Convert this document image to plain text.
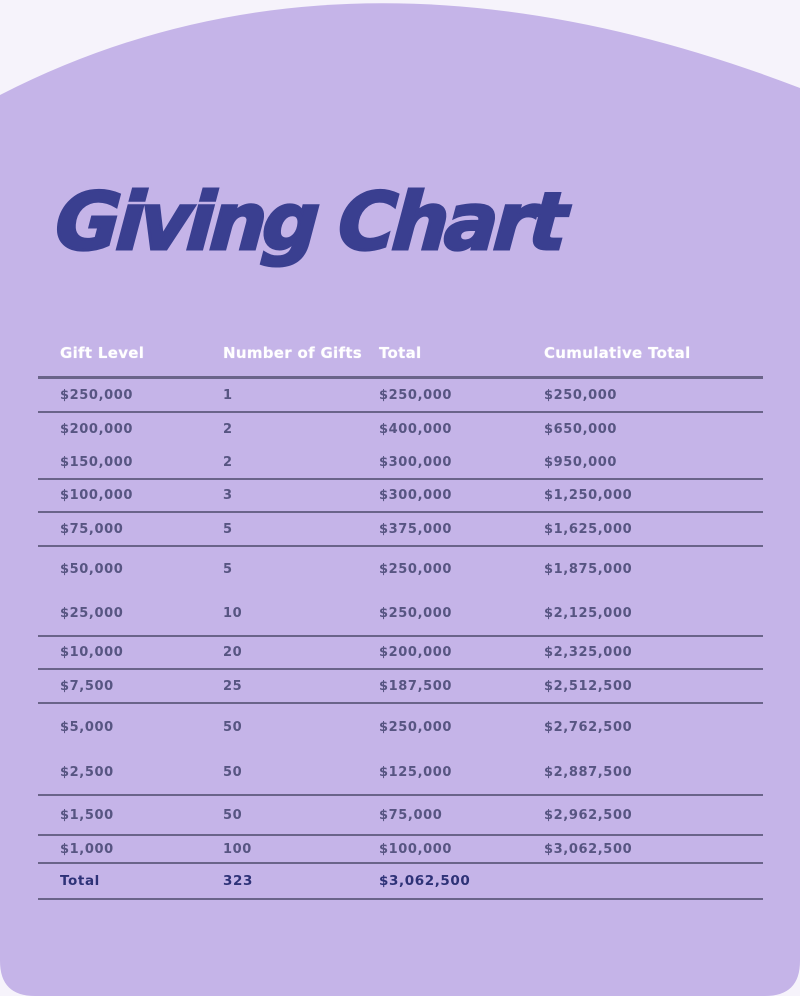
Giving Chart
Gift Level	Number of Gifts	Total	Cumulative Total
$250,000	1	$250,000	$250,000
$200,000	2	$400,000	$650,000
$150,000	2	$300,000	$950,000
$100,000	3	$300,000	$1,250,000
$75,000	5	$375,000	$1,625,000
$50,000	5	$250,000	$1,875,000
$25,000	10	$250,000	$2,125,000
$10,000	20	$200,000	$2,325,000
$7,500	25	$187,500	$2,512,500
$5,000	50	$250,000	$2,762,500
$2,500	50	$125,000	$2,887,500
$1,500	50	$75,000	$2,962,500
$1,000	100	$100,000	$3,062,500
Total	323	$3,062,500
